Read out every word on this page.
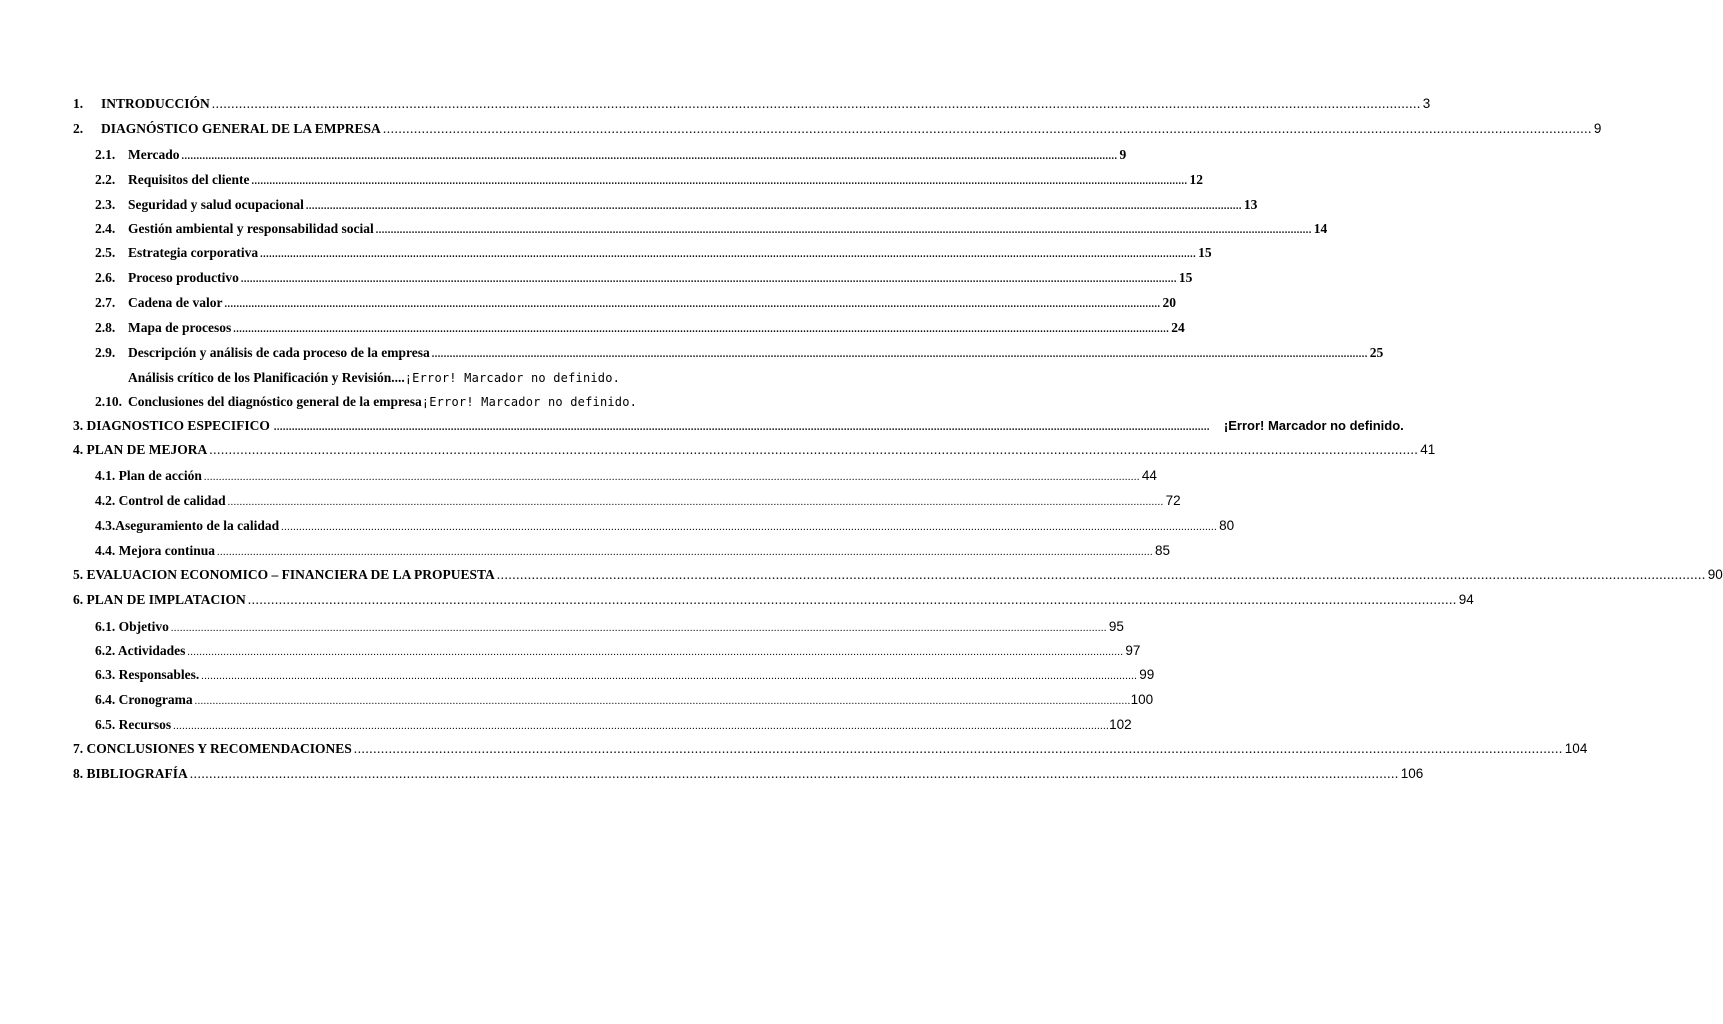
1.	INTRODUCCIÓN .....	3
2.	DIAGNÓSTICO GENERAL DE LA EMPRESA .....	9
2.1. Mercado .....	9
2.2. Requisitos del cliente .....	12
2.3. Seguridad y salud ocupacional .....	13
2.4. Gestión ambiental y responsabilidad social .....	14
2.5. Estrategia corporativa .....	15
2.6. Proceso productivo .....	15
2.7. Cadena de valor .....	20
2.8. Mapa de procesos .....	24
2.9. Descripción y análisis de cada proceso de la empresa .....	25
Análisis crítico de los Planificación y Revisión .... ¡Error! Marcador no definido.
2.10. Conclusiones del diagnóstico general de la empresa ¡Error! Marcador no definido.
3. DIAGNOSTICO ESPECIFICO .....	¡Error! Marcador no definido.
4. PLAN DE MEJORA .....	41
4.1. Plan de acción .....	44
4.2. Control de calidad .....	72
4.3.Aseguramiento de la calidad .....	80
4.4. Mejora continua .....	85
5. EVALUACION ECONOMICO – FINANCIERA DE LA PROPUESTA .....	90
6. PLAN DE IMPLATACION .....	94
6.1. Objetivo .....	95
6.2. Actividades .....	97
6.3. Responsables. .....	99
6.4. Cronograma .....	100
6.5. Recursos .....	102
7. CONCLUSIONES Y RECOMENDACIONES .....	104
8. BIBLIOGRAFÍA .....	106
